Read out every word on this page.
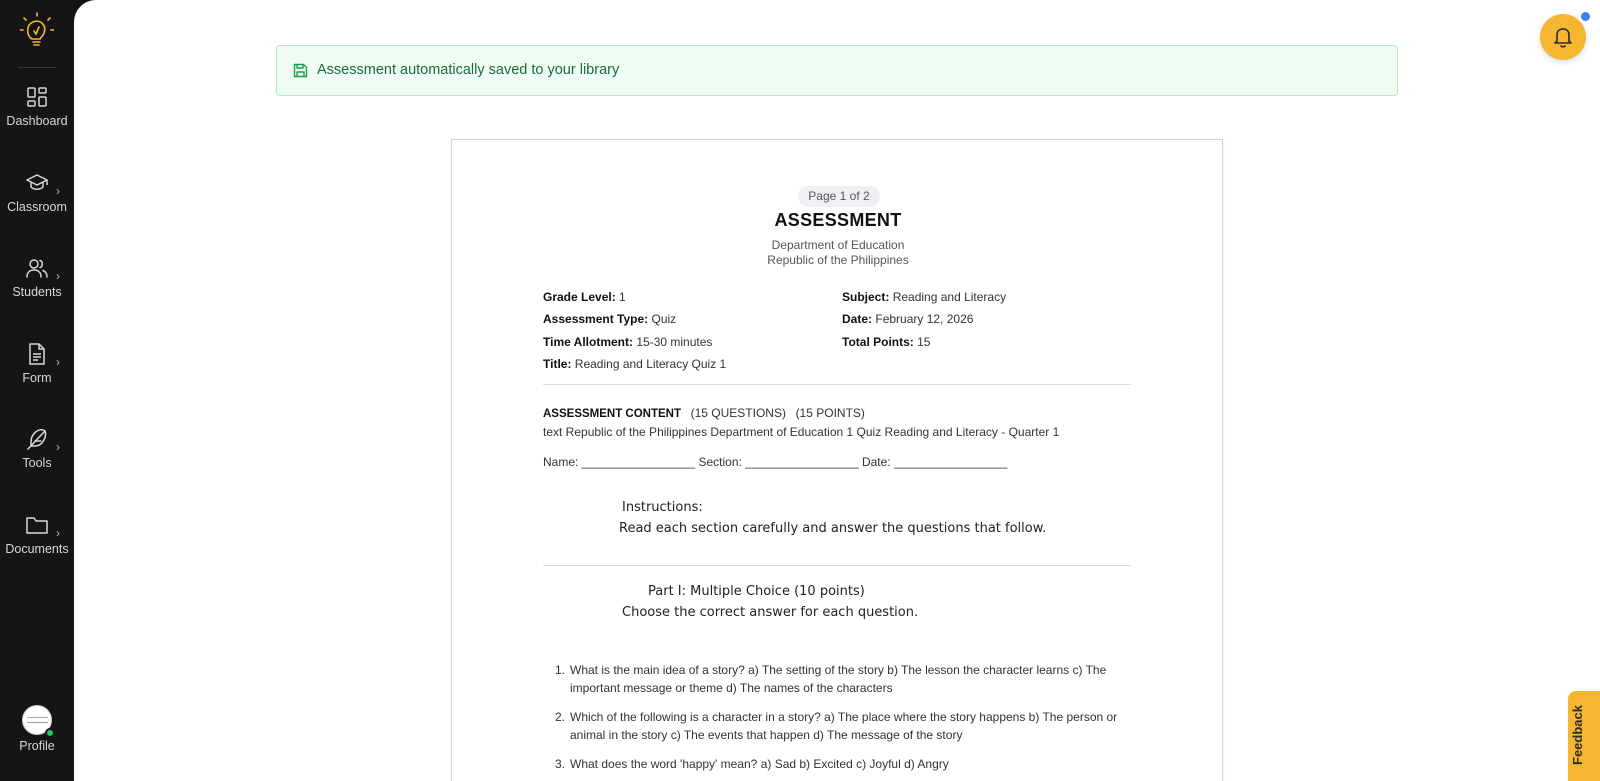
Dashboard
›
Classroom
›
Students
›
Form
›
Tools
›
Documents
Profile
Assessment automatically saved to your library
Page 1 of 2
ASSESSMENT
Department of Education
Republic of the Philippines
Grade Level: 1
Assessment Type: Quiz
Time Allotment: 15-30 minutes
Title: Reading and Literacy Quiz 1
Subject: Reading and Literacy
Date: February 12, 2026
Total Points: 15
ASSESSMENT CONTENT (15 QUESTIONS) (15 POINTS)
text Republic of the Philippines Department of Education 1 Quiz Reading and Literacy - Quarter 1
Name: _________________ Section: _________________ Date: _________________
Instructions:
Read each section carefully and answer the questions that follow.
Part I: Multiple Choice (10 points)
Choose the correct answer for each question.
1. What is the main idea of a story? a) The setting of the story b) The lesson the character learns c) The important message or theme d) The names of the characters
2. Which of the following is a character in a story? a) The place where the story happens b) The person or animal in the story c) The events that happen d) The message of the story
3. What does the word 'happy' mean? a) Sad b) Excited c) Joyful d) Angry	Feedback
